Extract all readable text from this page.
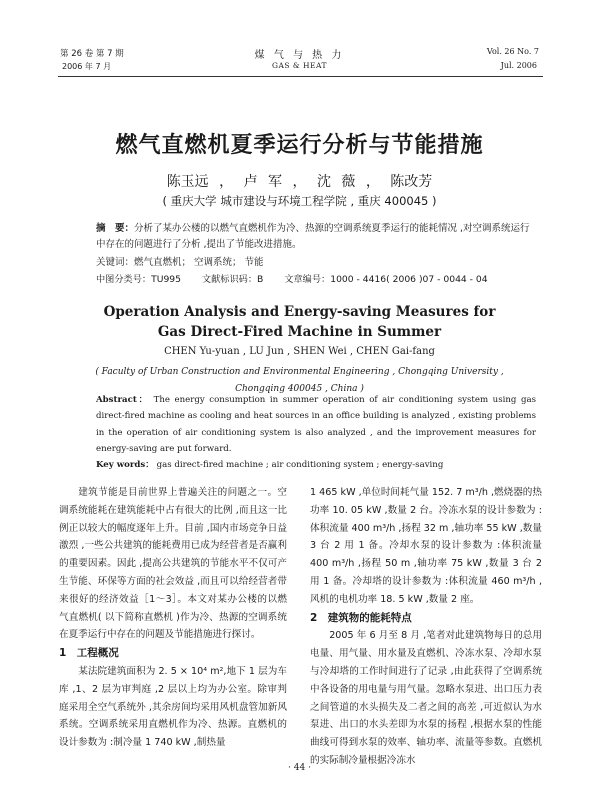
第 26 卷 第 7 期
2006 年 7 月
煤 气 与 热 力
GAS & HEAT
Vol. 26 No. 7
Jul. 2006
燃气直燃机夏季运行分析与节能措施
陈玉远 ， 卢 军 ， 沈 薇 ， 陈改芳
( 重庆大学 城市建设与环境工程学院 , 重庆 400045 )
摘　要：分析了某办公楼的以燃气直燃机作为冷、热源的空调系统夏季运行的能耗情况 ,对空调系统运行中存在的问题进行了分析 ,提出了节能改进措施。
关键词：燃气直燃机； 空调系统； 节能
中图分类号：TU995 文献标识码：B 文章编号：1000 - 4416( 2006 )07 - 0044 - 04
Operation Analysis and Energy-saving Measures for
Gas Direct-Fired Machine in Summer
CHEN Yu-yuan , LU Jun , SHEN Wei , CHEN Gai-fang
( Faculty of Urban Construction and Environmental Engineering , Chongqing University ,
Chongqing 400045 , China )
Abstract： The energy consumption in summer operation of air conditioning system using gas direct-fired machine as cooling and heat sources in an office building is analyzed , existing problems in the operation of air conditioning system is also analyzed , and the improvement measures for energy-saving are put forward.
Key words： gas direct-fired machine ; air conditioning system ; energy-saving

建筑节能是目前世界上普遍关注的问题之一。空调系统能耗在建筑能耗中占有很大的比例 ,而且这一比例正以较大的幅度逐年上升。目前 ,国内市场竞争日益激烈 ,一些公共建筑的能耗费用已成为经营者是否赢利的重要因素。因此 ,提高公共建筑的节能水平不仅可产生节能、环保等方面的社会效益 ,而且可以给经营者带来很好的经济效益［1～3］。本文对某办公楼的以燃气直燃机( 以下简称直燃机 )作为冷、热源的空调系统在夏季运行中存在的问题及节能措施进行探讨。

1　工程概况

某法院建筑面积为 2. 5 × 10⁴ m²,地下 1 层为车库 ,1、2 层为审判庭 ,2 层以上均为办公室。除审判庭采用全空气系统外 ,其余房间均采用风机盘管加新风系统。空调系统采用直燃机作为冷、热源。直燃机的设计参数为 :制冷量 1 740 kW ,制热量

1 465 kW ,单位时间耗气量 152. 7 m³/h ,燃烧器的热功率 10. 05 kW ,数量 2 台。冷冻水泵的设计参数为 :体积流量 400 m³/h ,扬程 32 m ,轴功率 55 kW ,数量 3 台 2 用 1 备。冷却水泵的设计参数为 :体积流量 400 m³/h ,扬程 50 m ,轴功率 75 kW ,数量 3 台 2 用 1 备。冷却塔的设计参数为 :体积流量 460 m³/h ,风机的电机功率 18. 5 kW ,数量 2 座。

2　建筑物的能耗特点

2005 年 6 月至 8 月 ,笔者对此建筑物每日的总用电量、用气量、用水量及直燃机、冷冻水泵、冷却水泵与冷却塔的工作时间进行了记录 ,由此获得了空调系统中各设备的用电量与用气量。忽略水泵进、出口压力表之间管道的水头损失及二者之间的高差 ,可近似认为水泵进、出口的水头差即为水泵的扬程 ,根据水泵的性能曲线可得到水泵的效率、轴功率、流量等参数。直燃机的实际制冷量根据冷冻水

· 44 ·
